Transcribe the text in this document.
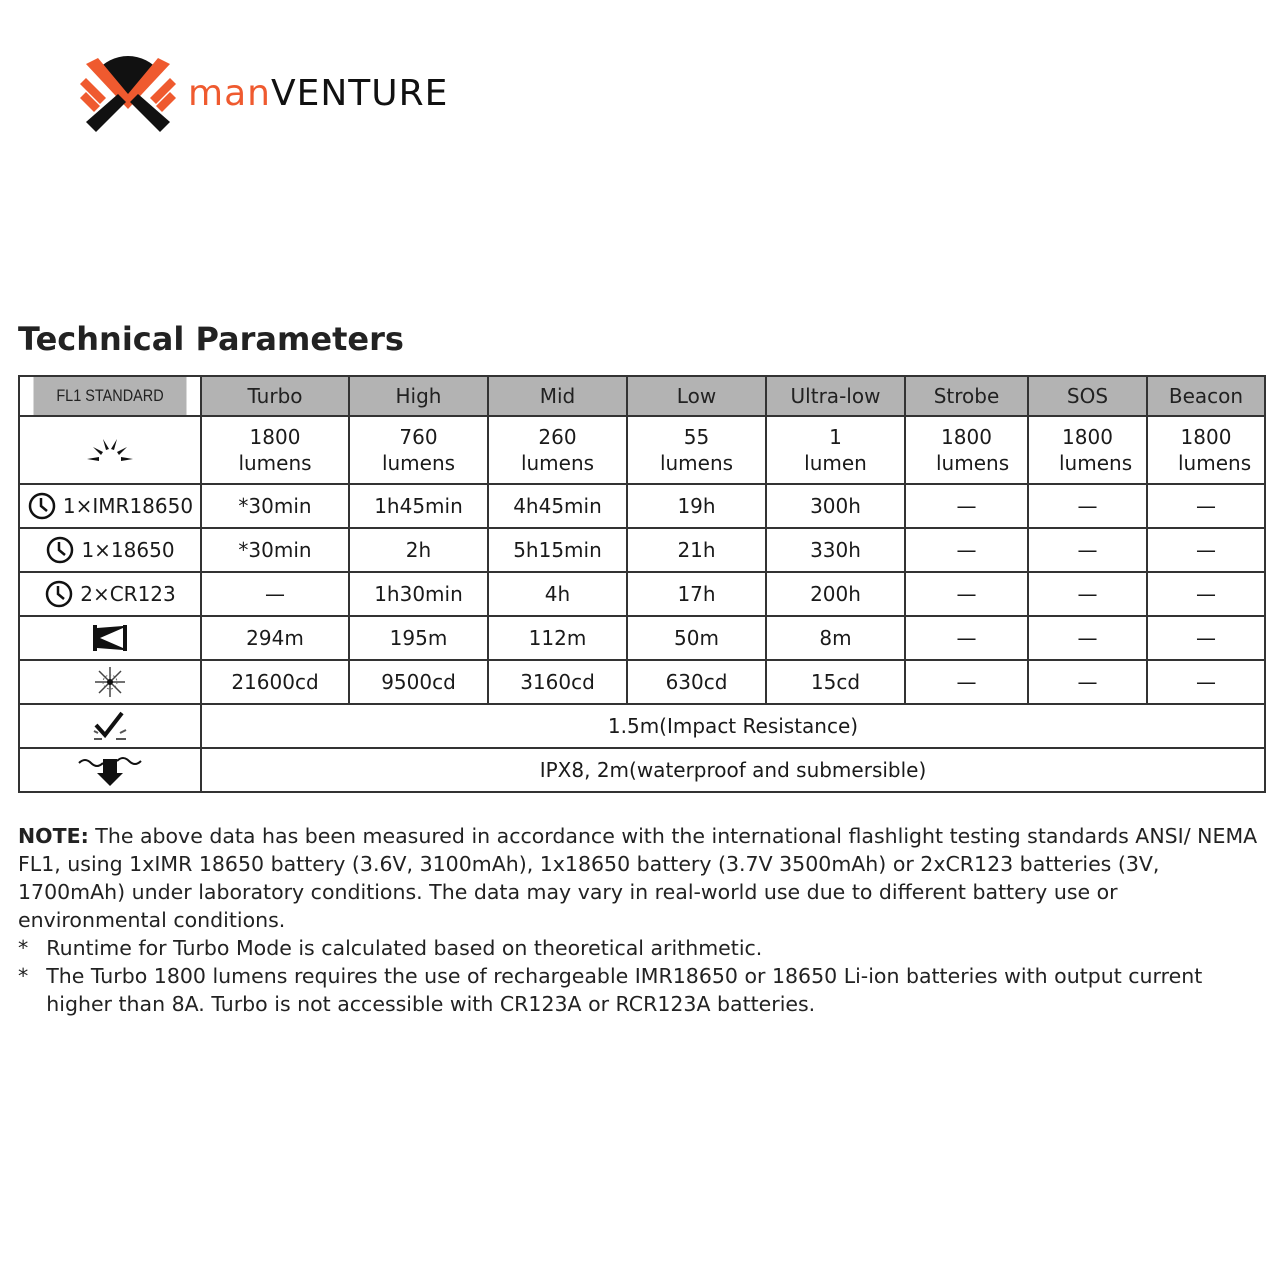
manVENTURE
Technical Parameters
FL1 STANDARD	Turbo	High	Mid	Low	Ultra-low	Strobe	SOS	Beacon

	1800 lumens	760 lumens	260 lumens	55 lumens	1 lumen	1800 lumens	1800 lumens	1800 lumens

1×IMR18650	*30min	1h45min	4h45min	19h	300h	—	—	—

1×18650	*30min	2h	5h15min	21h	330h	—	—	—

2×CR123	—	1h30min	4h	17h	200h	—	—	—

	294m	195m	112m	50m	8m	—	—	—

	21600cd	9500cd	3160cd	630cd	15cd	—	—	—

	1.5m(Impact Resistance)							

	IPX8, 2m(waterproof and submersible)							
NOTE: The above data has been measured in accordance with the international flashlight testing standards ANSI/ NEMA FL1, using 1xIMR 18650 battery (3.6V, 3100mAh), 1x18650 battery (3.7V 3500mAh) or 2xCR123 batteries (3V, 1700mAh) under laboratory conditions. The data may vary in real-world use due to different battery use or environmental conditions.
* Runtime for Turbo Mode is calculated based on theoretical arithmetic.
* The Turbo 1800 lumens requires the use of rechargeable IMR18650 or 18650 Li-ion batteries with output current higher than 8A. Turbo is not accessible with CR123A or RCR123A batteries.
